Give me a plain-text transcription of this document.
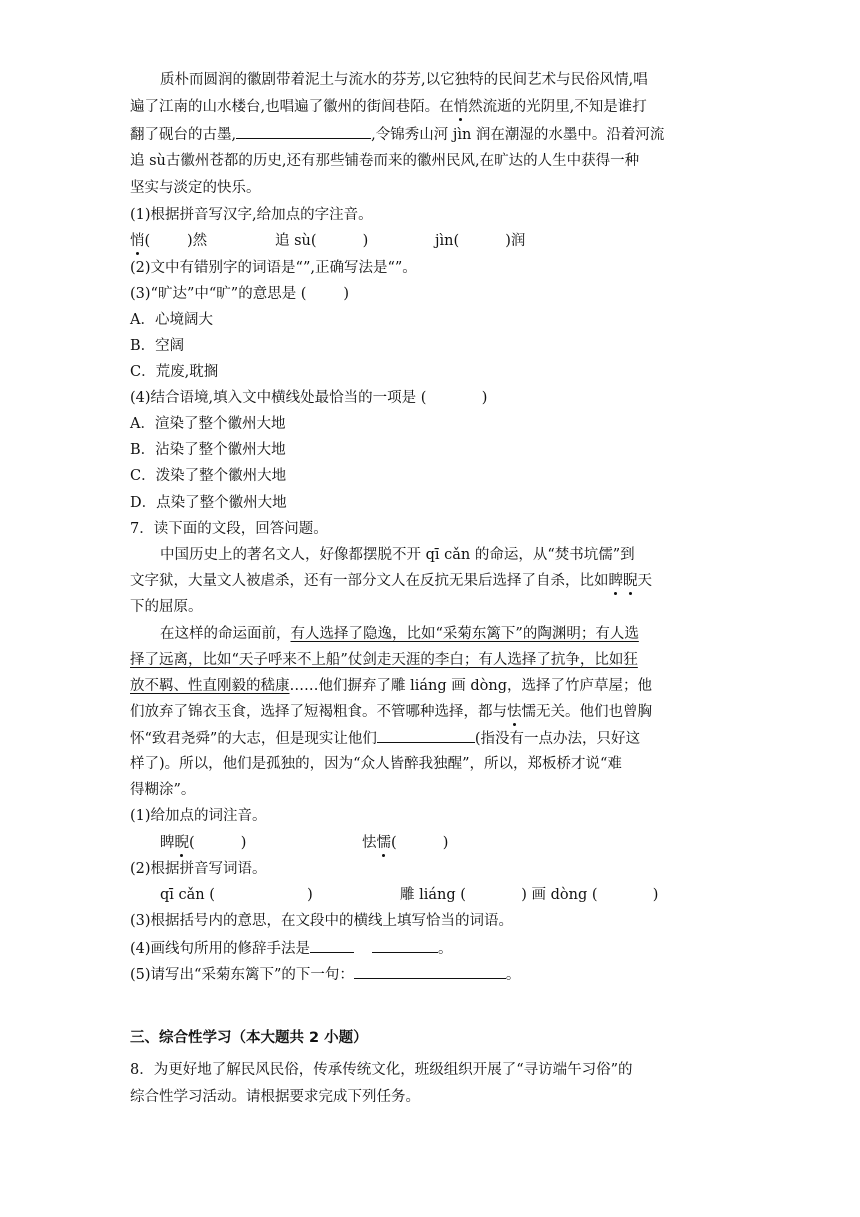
质朴而圆润的徽剧带着泥土与流水的芬芳,以它独特的民间艺术与民俗风情,唱
遍了江南的山水楼台,也唱遍了徽州的街闾巷陌。在悄然流逝的光阴里,不知是谁打
翻了砚台的古墨,	,令锦秀山河 jìn 润在潮湿的水墨中。沿着河流
追 sù古徽州苍都的历史,还有那些铺卷而来的徽州民风,在旷达的人生中获得一种
坚实与淡定的快乐。
(1)根据拼音写汉字,给加点的字注音。
悄(        )然	追 sù(          )	jìn(          )润
(2)文中有错别字的词语是“”,正确写法是“”。
(3)“旷达”中“旷”的意思是 (        )
A．心境阔大
B．空阔
C．荒废,耽搁
(4)结合语境,填入文中横线处最恰当的一项是 (            )
A．渲染了整个徽州大地
B．沾染了整个徽州大地
C．泼染了整个徽州大地
D．点染了整个徽州大地
7．读下面的文段，回答问题。
中国历史上的著名文人，好像都摆脱不开 qī cǎn 的命运，从“焚书坑儒”到
文字狱，大量文人被虐杀，还有一部分文人在反抗无果后选择了自杀，比如睥睨天
下的屈原。
在这样的命运面前，有人选择了隐逸，比如“采菊东篱下”的陶渊明；有人选
择了远离，比如“天子呼来不上船”仗剑走天涯的李白；有人选择了抗争，比如狂
放不羁、性直刚毅的嵇康……他们摒弃了雕 liáng 画 dòng，选择了竹庐草屋；他
们放弃了锦衣玉食，选择了短褐粗食。不管哪种选择，都与怯懦无关。他们也曾胸
怀“致君尧舜”的大志，但是现实让他们	(指没有一点办法，只好这
样了)。所以，他们是孤独的，因为“众人皆醉我独醒”，所以，郑板桥才说“难
得糊涂”。
(1)给加点的词注音。
睥睨(          )	怯懦(          )
(2)根据拼音写词语。
qī cǎn (                    )	雕 liáng (            ) 画 dòng (            )
(3)根据括号内的意思，在文段中的横线上填写恰当的词语。
(4)画线句所用的修辞手法是	。
(5)请写出“采菊东篱下”的下一句：	。
三、综合性学习（本大题共 2 小题）
8．为更好地了解民风民俗，传承传统文化，班级组织开展了“寻访端午习俗”的
综合性学习活动。请根据要求完成下列任务。
